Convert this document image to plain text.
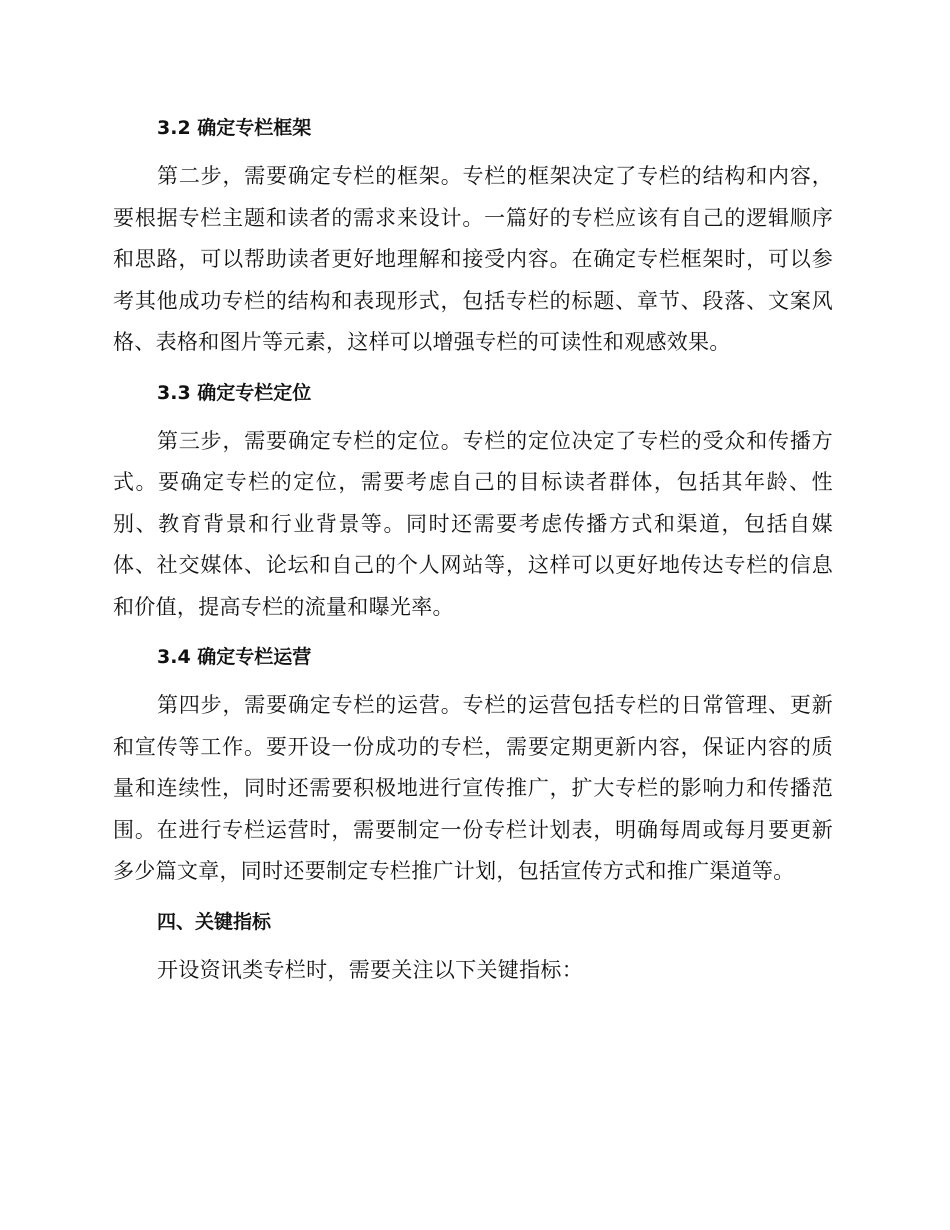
3.2 确定专栏框架

第二步，需要确定专栏的框架。专栏的框架决定了专栏的结构和内容，要根据专栏主题和读者的需求来设计。一篇好的专栏应该有自己的逻辑顺序和思路，可以帮助读者更好地理解和接受内容。在确定专栏框架时，可以参考其他成功专栏的结构和表现形式，包括专栏的标题、章节、段落、文案风格、表格和图片等元素，这样可以增强专栏的可读性和观感效果。

3.3 确定专栏定位

第三步，需要确定专栏的定位。专栏的定位决定了专栏的受众和传播方式。要确定专栏的定位，需要考虑自己的目标读者群体，包括其年龄、性别、教育背景和行业背景等。同时还需要考虑传播方式和渠道，包括自媒体、社交媒体、论坛和自己的个人网站等，这样可以更好地传达专栏的信息和价值，提高专栏的流量和曝光率。

3.4 确定专栏运营

第四步，需要确定专栏的运营。专栏的运营包括专栏的日常管理、更新和宣传等工作。要开设一份成功的专栏，需要定期更新内容，保证内容的质量和连续性，同时还需要积极地进行宣传推广，扩大专栏的影响力和传播范围。在进行专栏运营时，需要制定一份专栏计划表，明确每周或每月要更新多少篇文章，同时还要制定专栏推广计划，包括宣传方式和推广渠道等。

四、关键指标

开设资讯类专栏时，需要关注以下关键指标：
